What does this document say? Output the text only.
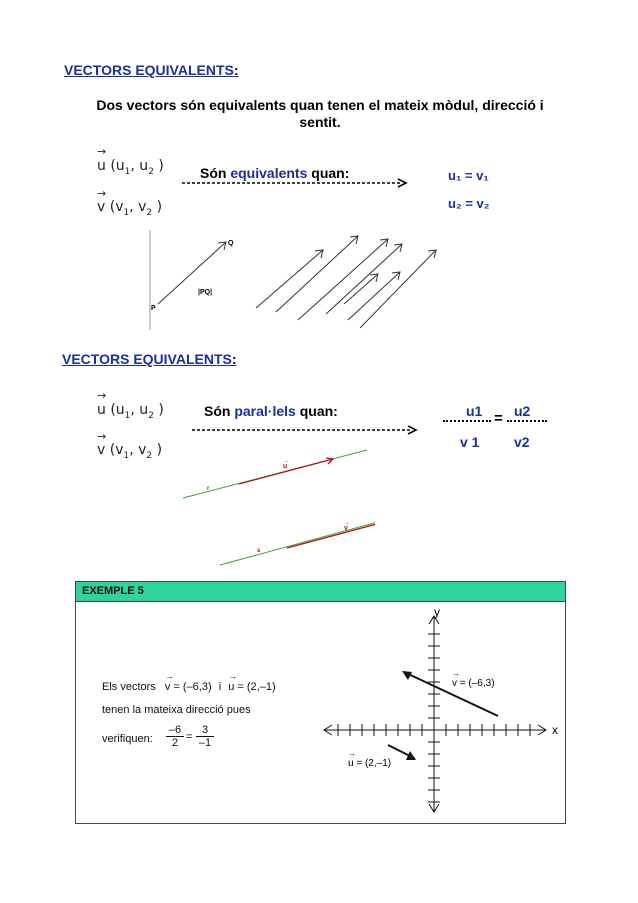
VECTORS EQUIVALENTS:
Dos vectors són equivalents quan tenen el mateix mòdul, direcció i
sentit.
→
u ($u_1$, $u_2$ )
→
v ($v_1$, $v_2$ )
Són equivalents quan:	u₁ = v₁
u₂ = v₂
P
Q
|PQ|
VECTORS EQUIVALENTS:
→
u ($u_1$, $u_2$ )
→
v ($v_1$, $v_2$ )
Són paral·lels quan:	u1 u2
=
v 1 v2
r
s
u
→
v
→
EXEMPLE 5
Els vectors
→
v = (–6,3) i
→
u = (2,–1)
tenen la mateixa direcció pues
verifiquen:
–6
2 =
3
–1
y
x
v = (–6,3)
→
u = (2,–1)
→
